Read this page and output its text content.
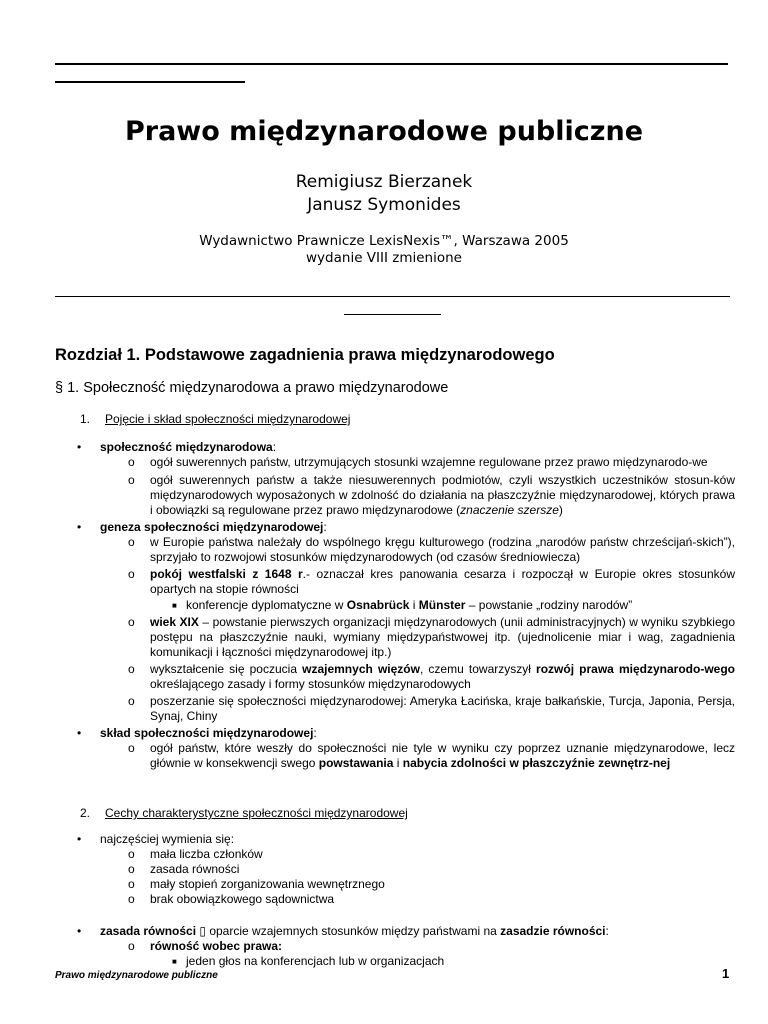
Prawo międzynarodowe publiczne
Remigiusz Bierzanek
Janusz Symonides
Wydawnictwo Prawnicze LexisNexis™, Warszawa 2005
wydanie VIII zmienione
Rozdział 1. Podstawowe zagadnienia prawa międzynarodowego
§ 1. Społeczność międzynarodowa a prawo międzynarodowe
1. Pojęcie i skład społeczności międzynarodowej
• społeczność międzynarodowa:
o ogół suwerennych państw, utrzymujących stosunki wzajemne regulowane przez prawo międzynarodo-we
o ogół suwerennych państw a także niesuwerennych podmiotów, czyli wszystkich uczestników stosun-ków międzynarodowych wyposażonych w zdolność do działania na płaszczyźnie międzynarodowej, których prawa i obowiązki są regulowane przez prawo międzynarodowe (znaczenie szersze)
• geneza społeczności międzynarodowej:
o w Europie państwa należały do wspólnego kręgu kulturowego (rodzina „narodów państw chrześcijań-skich”), sprzyjało to rozwojowi stosunków międzynarodowych (od czasów średniowiecza)
o pokój westfalski z 1648 r.- oznaczał kres panowania cesarza i rozpoczął w Europie okres stosunków opartych na stopie równości
■ konferencje dyplomatyczne w Osnabrück i Münster – powstanie „rodziny narodów”
o wiek XIX – powstanie pierwszych organizacji międzynarodowych (unii administracyjnych) w wyniku szybkiego postępu na płaszczyźnie nauki, wymiany międzypaństwowej itp. (ujednolicenie miar i wag, zagadnienia komunikacji i łączności międzynarodowej itp.)
o wykształcenie się poczucia wzajemnych więzów, czemu towarzyszył rozwój prawa międzynarodo-wego określającego zasady i formy stosunków międzynarodowych
o poszerzanie się społeczności międzynarodowej: Ameryka Łacińska, kraje bałkańskie, Turcja, Japonia, Persja, Synaj, Chiny
• skład społeczności międzynarodowej:
o ogół państw, które weszły do społeczności nie tyle w wyniku czy poprzez uznanie międzynarodowe, lecz głównie w konsekwencji swego powstawania i nabycia zdolności w płaszczyźnie zewnętrz-nej
2. Cechy charakterystyczne społeczności międzynarodowej
• najczęściej wymienia się:
o mała liczba członków
o zasada równości
o mały stopień zorganizowania wewnętrznego
o brak obowiązkowego sądownictwa
• zasada równości ▯ oparcie wzajemnych stosunków między państwami na zasadzie równości:
o równość wobec prawa:
■ jeden głos na konferencjach lub w organizacjach
Prawo międzynarodowe publiczne	1
